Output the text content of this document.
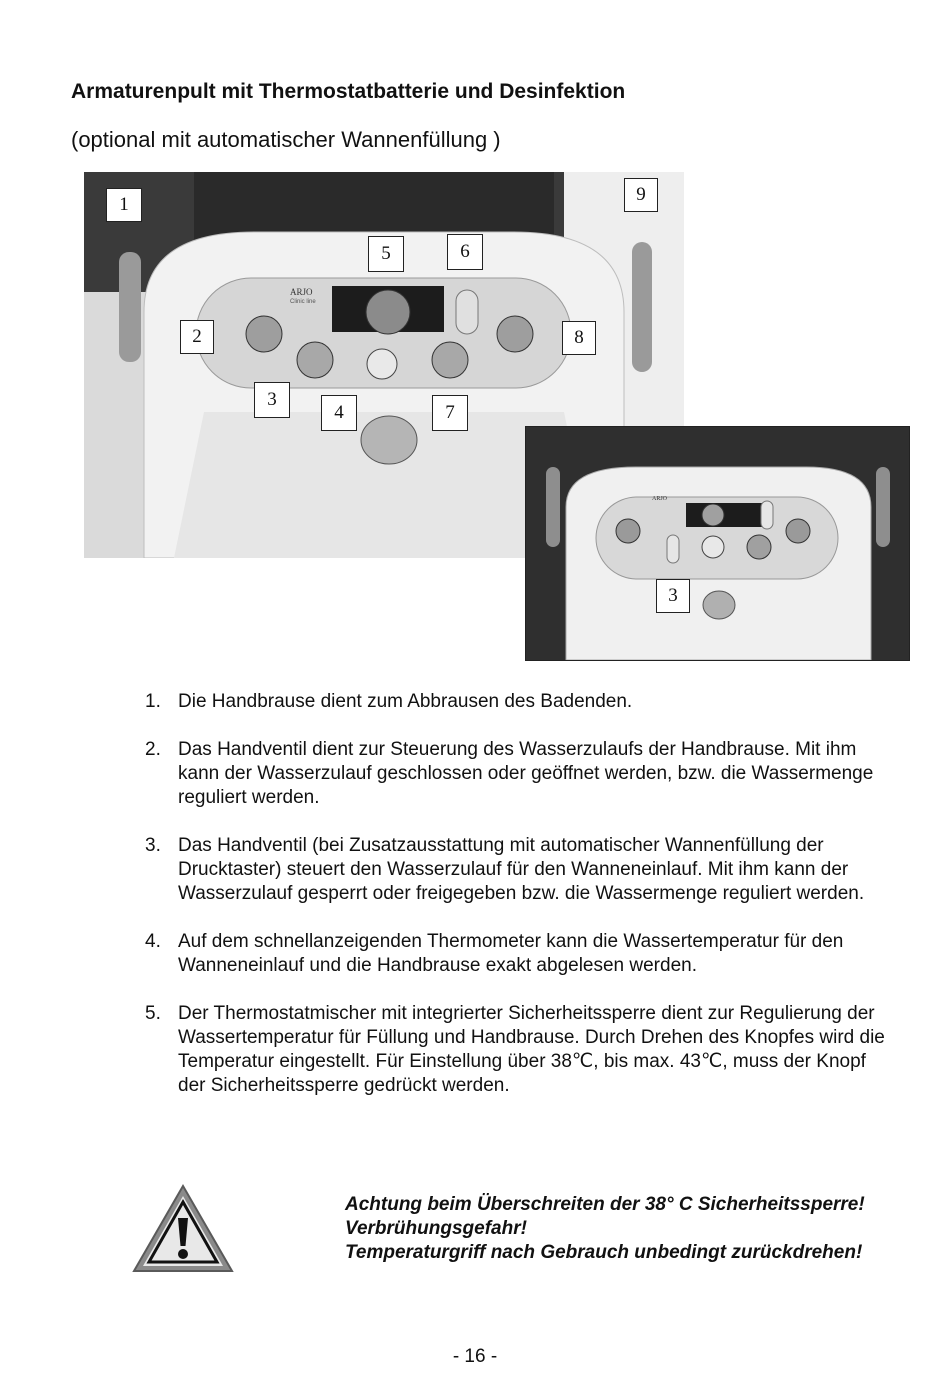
Armaturenpult mit Thermostatbatterie und Desinfektion
(optional mit automatischer Wannenfüllung )
ARJO
Clinic line
1	9
5	6
2	8
3
4	7
ARJO
3
1. Die Handbrause dient zum Abbrausen des Badenden.
2. Das Handventil dient zur Steuerung des Wasserzulaufs der Handbrause. Mit ihm kann der Wasserzulauf geschlossen oder geöffnet werden, bzw. die Wassermenge reguliert werden.
3. Das Handventil (bei Zusatzausstattung mit automatischer Wannenfüllung der Drucktaster) steuert den Wasserzulauf für den Wanneneinlauf. Mit ihm kann der Wasserzulauf gesperrt oder freigegeben bzw. die Wassermenge reguliert werden.
4. Auf dem schnellanzeigenden Thermometer kann die Wassertemperatur für den Wanneneinlauf und die Handbrause exakt abgelesen werden.
5. Der Thermostatmischer mit integrierter Sicherheitssperre dient zur Regulierung der Wassertemperatur für Füllung und Handbrause. Durch Drehen des Knopfes wird die Temperatur eingestellt. Für Einstellung über 38℃, bis max. 43℃, muss der Knopf der Sicherheitssperre gedrückt werden.
Achtung beim Überschreiten der 38° C Sicherheitssperre!
Verbrühungsgefahr!
Temperaturgriff nach Gebrauch unbedingt zurückdrehen!
- 16 -
